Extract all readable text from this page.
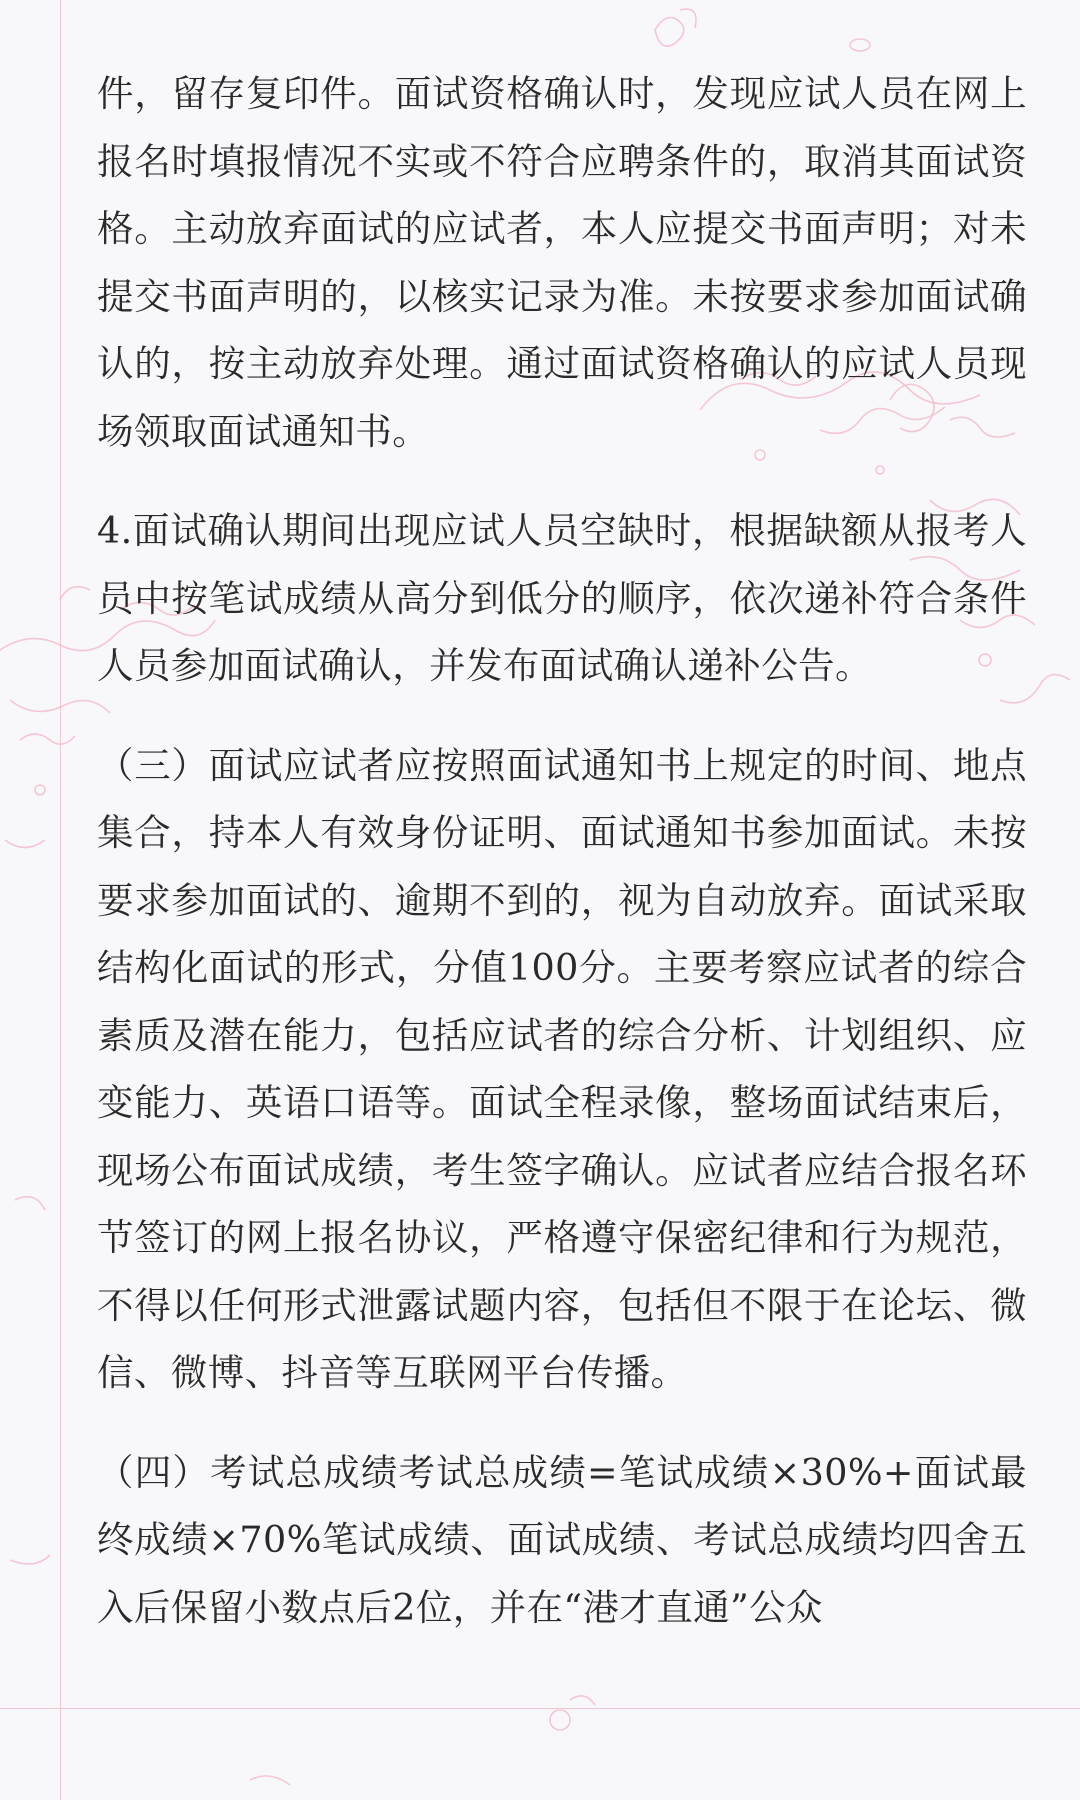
件，留存复印件。面试资格确认时，发现应试人员在网上报名时填报情况不实或不符合应聘条件的，取消其面试资格。主动放弃面试的应试者，本人应提交书面声明；对未提交书面声明的，以核实记录为准。未按要求参加面试确认的，按主动放弃处理。通过面试资格确认的应试人员现场领取面试通知书。

4.面试确认期间出现应试人员空缺时，根据缺额从报考人员中按笔试成绩从高分到低分的顺序，依次递补符合条件人员参加面试确认，并发布面试确认递补公告。

（三）面试应试者应按照面试通知书上规定的时间、地点集合，持本人有效身份证明、面试通知书参加面试。未按要求参加面试的、逾期不到的，视为自动放弃。面试采取结构化面试的形式，分值100分。主要考察应试者的综合素质及潜在能力，包括应试者的综合分析、计划组织、应变能力、英语口语等。面试全程录像，整场面试结束后，现场公布面试成绩，考生签字确认。应试者应结合报名环节签订的网上报名协议，严格遵守保密纪律和行为规范，不得以任何形式泄露试题内容，包括但不限于在论坛、微信、微博、抖音等互联网平台传播。

（四）考试总成绩考试总成绩=笔试成绩×30%+面试最终成绩×70%笔试成绩、面试成绩、考试总成绩均四舍五入后保留小数点后2位，并在“港才直通”公众
